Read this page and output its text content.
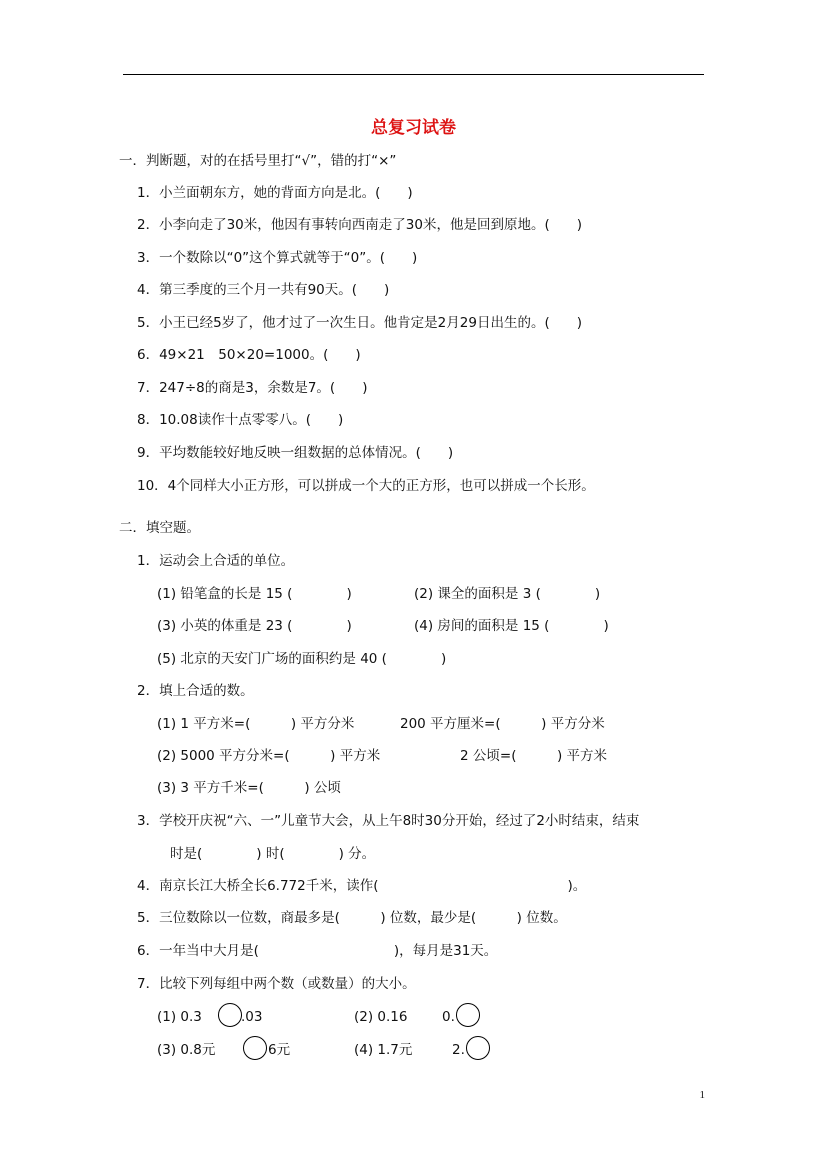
总复习试卷
一．判断题，对的在括号里打“√”，错的打“×”
1．小兰面朝东方，她的背面方向是北。(　　)
2．小李向走了30米，他因有事转向西南走了30米，他是回到原地。(　　)
3．一个数除以“0”这个算式就等于“0”。(　　)
4．第三季度的三个月一共有90天。(　　)
5．小王已经5岁了，他才过了一次生日。他肯定是2月29日出生的。(　　)
6．49×21　50×20=1000。(　　)
7．247÷8的商是3，余数是7。(　　)
8．10.08读作十点零零八。(　　)
9．平均数能较好地反映一组数据的总体情况。(　　)
10．4个同样大小正方形，可以拼成一个大的正方形，也可以拼成一个长形。
二．填空题。
1．运动会上合适的单位。
(1) 铅笔盒的长是 15 (　　　　)	(2) 课全的面积是 3 (　　　　)
(3) 小英的体重是 23 (　　　　)	(4) 房间的面积是 15 (　　　　)
(5) 北京的天安门广场的面积约是 40 (　　　　)
2．填上合适的数。
(1) 1 平方米=(　　　) 平方分米	200 平方厘米=(　　　) 平方分米
(2) 5000 平方分米=(　　　) 平方米	2 公顷=(　　　) 平方米
(3) 3 平方千米=(　　　) 公顷
3．学校开庆祝“六、一”儿童节大会，从上午8时30分开始，经过了2小时结束，结束
时是(　　　　) 时(　　　　) 分。
4．南京长江大桥全长6.772千米，读作(　　　　　　　　　　　　　　)。
5．三位数除以一位数，商最多是(　　　) 位数，最少是(　　　) 位数。
6．一年当中大月是(　　　　　　　　　　)，每月是31天。
7．比较下列每组中两个数（或数量）的大小。
(1) 0.3	.03	(2) 0.16	0.
(3) 0.8元	6元	(4) 1.7元	2.
1
